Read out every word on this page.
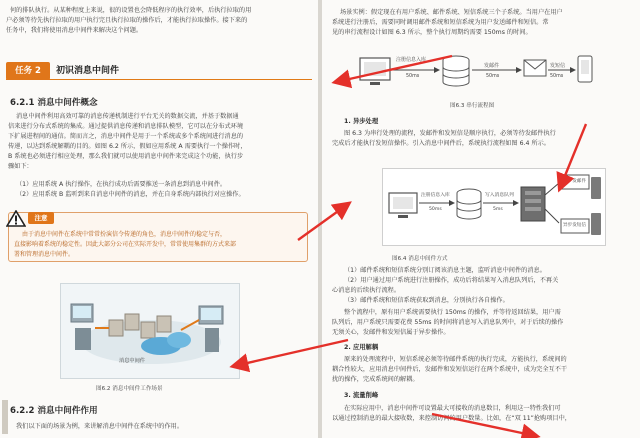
何的排队执行。从某种程度上来说，很的设置也会降低程序的执行效率，后执行拉取的用
户必须等待先执行拉取的用户执行完且执行拉取的操作后，才能执行拉取操作。接下来的
任务中，我们将使用消息中间件来解决这个问题。
任务 2	初识消息中间件
6.2.1 消息中间件概念
消息中间件利用高效可靠的消息传递机制进行平台无关的数据交流，并基于数据通
信来进行分布式系统的集成。通过提供消息传递和消息排队模型，它可以在分布式环境
下扩展进程间的通信。简而言之，消息中间件是用于一个系统或多个系统间进行消息的
传递，以达到系统解耦的目的。如图 6.2 所示，假如应用系统 A 需要执行一个操作时，
B 系统也必须进行相应处理，那么我们就可以使用消息中间件来完成这个功能，执行步
骤如下：
（1）应用系统 A 执行操作，在执行成功后需要推送一条消息到消息中间件。
（2）应用系统 B 监听到来自消息中间件的消息，并在自身系统内部执行对应操作。
注意
由于消息中间件在系统中常常扮演信令传递的角色，消息中间件的稳定与否，
直接影响着系统的稳定性。因此大部分公司在实际开发中，常常使用集群的方式来部
署和管理消息中间件。
消息中间件
图6.2 消息中间件工作场景
6.2.2 消息中间件作用
我们以下面的场景为例，来讲解消息中间件在系统中的作用。
场景实例：假定现在有用户系统、邮件系统、短信系统三个子系统。当用户在用户
系统进行注册后，需要同时调用邮件系统和短信系统为用户发送邮件和短信。常
见的串行流程设计如图 6.3 所示，整个执行周期约需要 150ms 的时间。
图6.3 串行流程图
1. 异步处理
图 6.3 为串行处理的流程，发邮件和发短信是顺序执行，必须等待发邮件执行
完成后才能执行发短信操作。引入消息中间件后，系统执行流程如图 6.4 所示。
图6.4 消息中间件方式
（1）邮件系统和短信系统分别订阅该消息主题，监听消息中间件的消息。
（2）用户通过用户系统进行注册操作，成功后将结果写入消息队列后，不再关
心消息的后续执行流程。
（3）邮件系统和短信系统获取到消息，分别执行各自操作。
整个流程中，原有用户系统需要执行 150ms 的操作，并等待返回结果，用户需
队列后，用户系统只需要花费 55ms 的时间将消息写入消息队列中，对于后续的操作
无须关心，发邮件和发短信属于异步操作。
2. 应用解耦
原来的处理流程中，短信系统必须等待邮件系统的执行完成，方能执行，系统间的
耦合性较大，应用消息中间件后，发邮件和发短信运行在两个系统中，成为完全互不干
扰的操作，完成系统间的解耦。
3. 流量削峰
在实际应用中，消息中间件可设置最大可接收的消息数目，利用这一特性我们可
以通过控制消息的最大接收数，来控制访问的用户数量。比如，在“双 11”抢购项目中，
注册信息入库
50ms
发邮件
50ms
发短信
50ms
注册信息入库
50ms
写入消息队列
5ms
异步发邮件
异步发短信
